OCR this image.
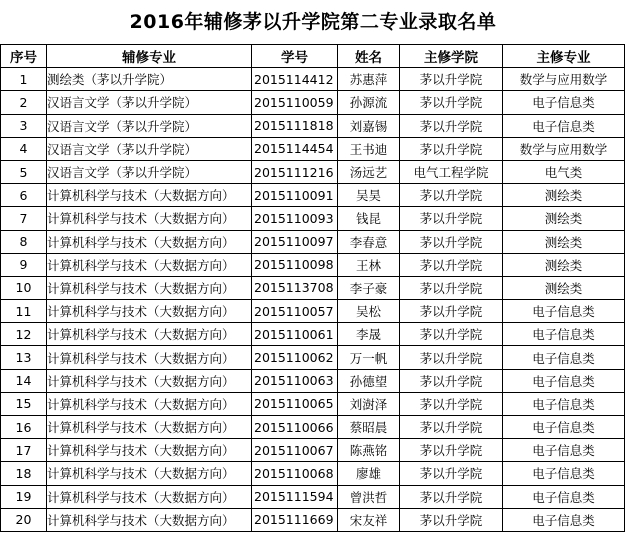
2016年辅修茅以升学院第二专业录取名单
序号	辅修专业	学号	姓名	主修学院	主修专业
1	测绘类（茅以升学院）	2015114412	苏惠萍	茅以升学院	数学与应用数学
2	汉语言文学（茅以升学院）	2015110059	孙源流	茅以升学院	电子信息类
3	汉语言文学（茅以升学院）	2015111818	刘嘉锡	茅以升学院	电子信息类
4	汉语言文学（茅以升学院）	2015114454	王书迪	茅以升学院	数学与应用数学
5	汉语言文学（茅以升学院）	2015111216	汤远艺	电气工程学院	电气类
6	计算机科学与技术（大数据方向）	2015110091	吴昊	茅以升学院	测绘类
7	计算机科学与技术（大数据方向）	2015110093	钱昆	茅以升学院	测绘类
8	计算机科学与技术（大数据方向）	2015110097	李春意	茅以升学院	测绘类
9	计算机科学与技术（大数据方向）	2015110098	王林	茅以升学院	测绘类
10	计算机科学与技术（大数据方向）	2015113708	李子豪	茅以升学院	测绘类
11	计算机科学与技术（大数据方向）	2015110057	吴松	茅以升学院	电子信息类
12	计算机科学与技术（大数据方向）	2015110061	李晟	茅以升学院	电子信息类
13	计算机科学与技术（大数据方向）	2015110062	万一帆	茅以升学院	电子信息类
14	计算机科学与技术（大数据方向）	2015110063	孙德望	茅以升学院	电子信息类
15	计算机科学与技术（大数据方向）	2015110065	刘澍泽	茅以升学院	电子信息类
16	计算机科学与技术（大数据方向）	2015110066	蔡昭晨	茅以升学院	电子信息类
17	计算机科学与技术（大数据方向）	2015110067	陈燕铭	茅以升学院	电子信息类
18	计算机科学与技术（大数据方向）	2015110068	廖雄	茅以升学院	电子信息类
19	计算机科学与技术（大数据方向）	2015111594	曾洪哲	茅以升学院	电子信息类
20	计算机科学与技术（大数据方向）	2015111669	宋友祥	茅以升学院	电子信息类
